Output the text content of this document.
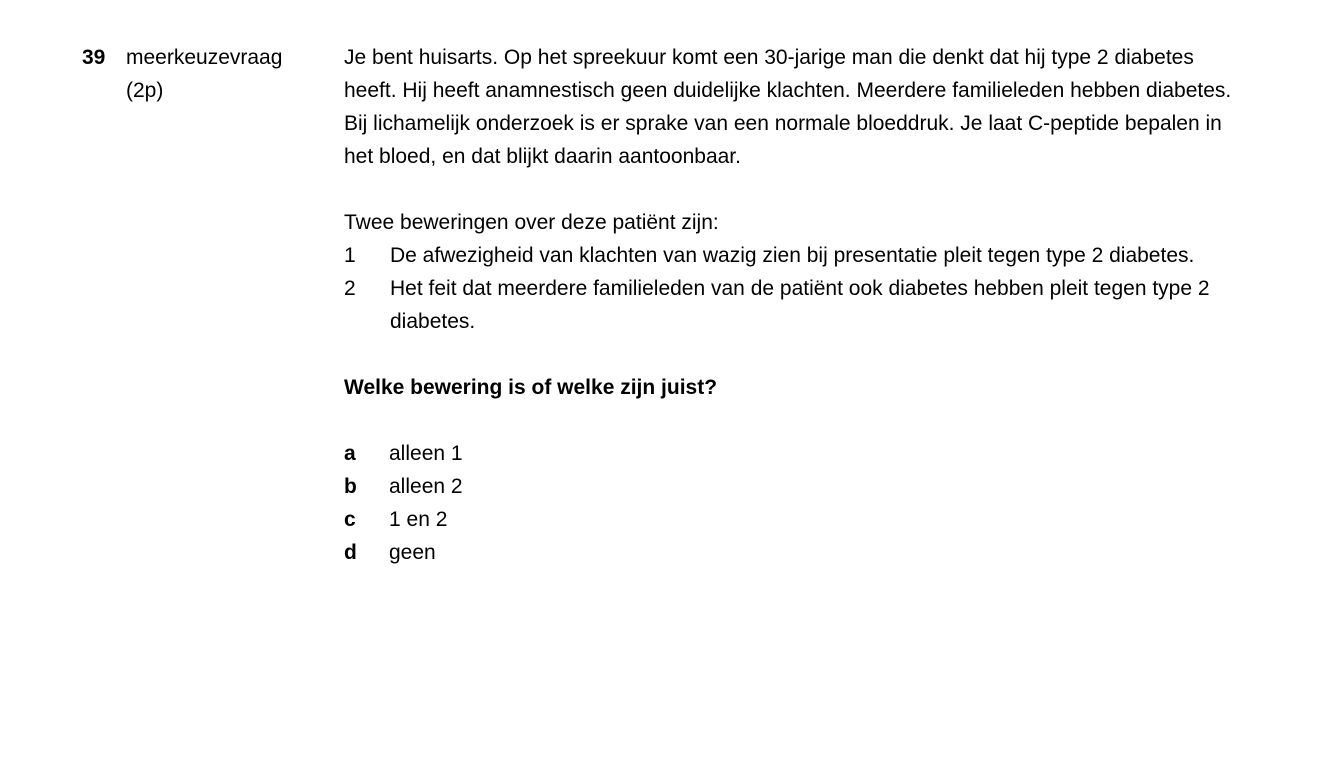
39 meerkeuzevraag
(2p)

Je bent huisarts. Op het spreekuur komt een 30-jarige man die denkt dat hij type 2 diabetes heeft. Hij heeft anamnestisch geen duidelijke klachten. Meerdere familieleden hebben diabetes. Bij lichamelijk onderzoek is er sprake van een normale bloeddruk. Je laat C-peptide bepalen in het bloed, en dat blijkt daarin aantoonbaar.

Twee beweringen over deze patiënt zijn:

1 De afwezigheid van klachten van wazig zien bij presentatie pleit tegen type 2 diabetes.
2 Het feit dat meerdere familieleden van de patiënt ook diabetes hebben pleit tegen type 2 diabetes.

Welke bewering is of welke zijn juist?

a alleen 1
b alleen 2
c 1 en 2
d geen
